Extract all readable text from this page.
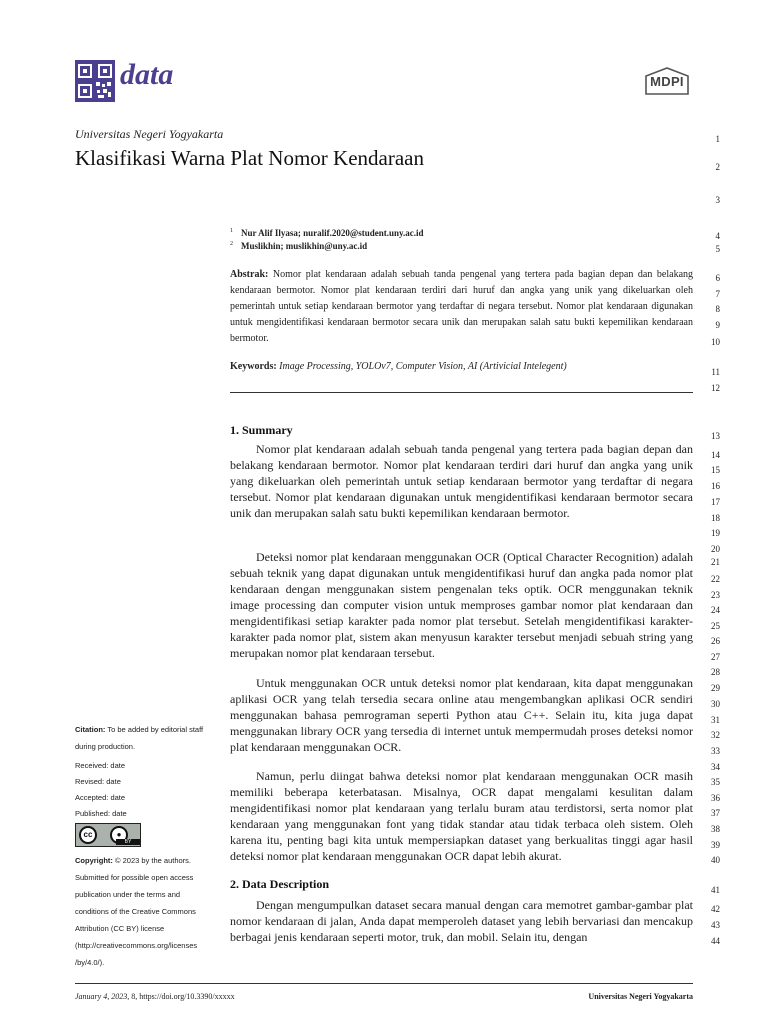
data	MDPI
Universitas Negeri Yogyakarta
Klasifikasi Warna Plat Nomor Kendaraan
$^1$ Nur Alif Ilyasa; nuralif.2020@student.uny.ac.id
$^2$ Muslikhin; muslikhin@uny.ac.id
Abstrak: Nomor plat kendaraan adalah sebuah tanda pengenal yang tertera pada bagian depan dan belakang kendaraan bermotor. Nomor plat kendaraan terdiri dari huruf dan angka yang unik yang dikeluarkan oleh pemerintah untuk setiap kendaraan bermotor yang terdaftar di negara tersebut. Nomor plat kendaraan digunakan untuk mengidentifikasi kendaraan bermotor secara unik dan merupakan salah satu bukti kepemilikan kendaraan bermotor.
Keywords: Image Processing, YOLOv7, Computer Vision, AI (Artivicial Intelegent)
1. Summary
Nomor plat kendaraan adalah sebuah tanda pengenal yang tertera pada bagian depan dan belakang kendaraan bermotor. Nomor plat kendaraan terdiri dari huruf dan angka yang unik yang dikeluarkan oleh pemerintah untuk setiap kendaraan bermotor yang terdaftar di negara tersebut. Nomor plat kendaraan digunakan untuk mengidentifikasi kendaraan bermotor secara unik dan merupakan salah satu bukti kepemilikan kendaraan bermotor.
Deteksi nomor plat kendaraan menggunakan OCR (Optical Character Recognition) adalah sebuah teknik yang dapat digunakan untuk mengidentifikasi huruf dan angka pada nomor plat kendaraan dengan menggunakan sistem pengenalan teks optik. OCR menggunakan teknik image processing dan computer vision untuk memproses gambar nomor plat kendaraan dan mengidentifikasi setiap karakter pada nomor plat tersebut. Setelah mengidentifikasi karakter-karakter pada nomor plat, sistem akan menyusun karakter tersebut menjadi sebuah string yang merupakan nomor plat kendaraan tersebut.
Untuk menggunakan OCR untuk deteksi nomor plat kendaraan, kita dapat menggunakan aplikasi OCR yang telah tersedia secara online atau mengembangkan aplikasi OCR sendiri menggunakan bahasa pemrograman seperti Python atau C++. Selain itu, kita juga dapat menggunakan library OCR yang tersedia di internet untuk mempermudah proses deteksi nomor plat kendaraan menggunakan OCR.
Namun, perlu diingat bahwa deteksi nomor plat kendaraan menggunakan OCR masih memiliki beberapa keterbatasan. Misalnya, OCR dapat mengalami kesulitan dalam mengidentifikasi nomor plat kendaraan yang terlalu buram atau terdistorsi, serta nomor plat kendaraan yang menggunakan font yang tidak standar atau tidak terbaca oleh sistem. Oleh karena itu, penting bagi kita untuk mempersiapkan dataset yang berkualitas tinggi agar hasil deteksi nomor plat kendaraan menggunakan OCR dapat lebih akurat.
2. Data Description
Dengan mengumpulkan dataset secara manual dengan cara memotret gambar-gambar plat nomor kendaraan di jalan, Anda dapat memperoleh dataset yang lebih bervariasi dan mencakup berbagai jenis kendaraan seperti motor, truk, dan mobil. Selain itu, dengan
Citation: To be added by editorial staff during production.
Received: date
Revised: date
Accepted: date
Published: date
cc	●
BY
Copyright: © 2023 by the authors. Submitted for possible open access publication under the terms and conditions of the Creative Commons Attribution (CC BY) license (http://creativecommons.org/licenses /by/4.0/).
1
2
3
4
5
6
7
8
9
10
11
12
13
14
15
16
17
18
19
20
21
22
23
24
25
26
27
28
29
30
31
32
33
34
35
36
37
38
39
40
41
42
43
44
January 4, 2023, 8, https://doi.org/10.3390/xxxxx	Universitas Negeri Yogyakarta
